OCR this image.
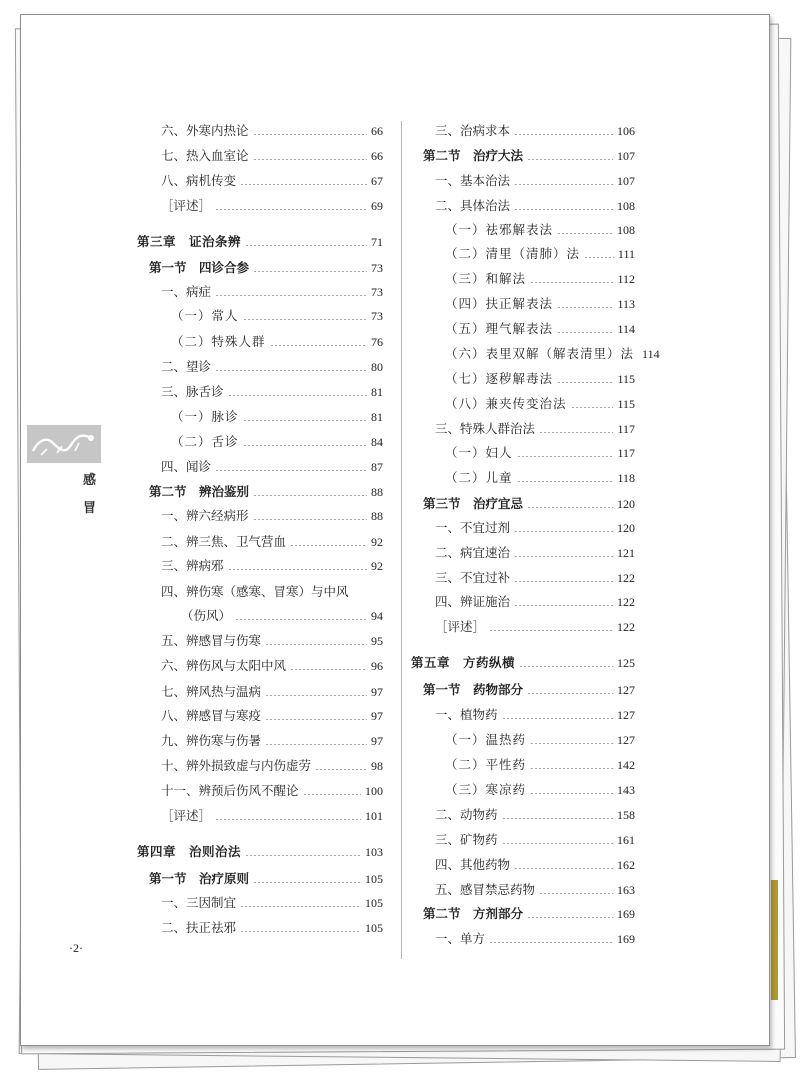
六、外寒内热论	66
七、热入血室论	66
八、病机传变	67
［评述］	69
第三章　证治条辨	71
第一节　四诊合参	73
一、病症	73
（一）常人	73
（二）特殊人群	76
二、望诊	80
三、脉舌诊	81
（一）脉诊	81
（二）舌诊	84
四、闻诊	87
第二节　辨治鉴别	88
一、辨六经病形	88
二、辨三焦、卫气营血	92
三、辨病邪	92
四、辨伤寒（感寒、冒寒）与中风
（伤风）	94
五、辨感冒与伤寒	95
六、辨伤风与太阳中风	96
七、辨风热与温病	97
八、辨感冒与寒疫	97
九、辨伤寒与伤暑	97
十、辨外损致虚与内伤虚劳	98
十一、辨预后伤风不醒论	100
［评述］	101
第四章　治则治法	103
第一节　治疗原则	105
一、三因制宜	105
二、扶正祛邪	105
三、治病求本	106
第二节　治疗大法	107
一、基本治法	107
二、具体治法	108
（一）祛邪解表法	108
（二）清里（清肺）法	111
（三）和解法	112
（四）扶正解表法	113
（五）理气解表法	114
（六）表里双解（解表清里）法 114
（七）逐秽解毒法	115
（八）兼夹传变治法	115
三、特殊人群治法	117
（一）妇人	117
（二）儿童	118
第三节　治疗宜忌	120
一、不宜过剂	120
二、病宜速治	121
三、不宜过补	122
四、辨证施治	122
［评述］	122
第五章　方药纵横	125
第一节　药物部分	127
一、植物药	127
（一）温热药	127
（二）平性药	142
（三）寒凉药	143
二、动物药	158
三、矿物药	161
四、其他药物	162
五、感冒禁忌药物	163
第二节　方剂部分	169
一、单方	169
感
冒
·2·
